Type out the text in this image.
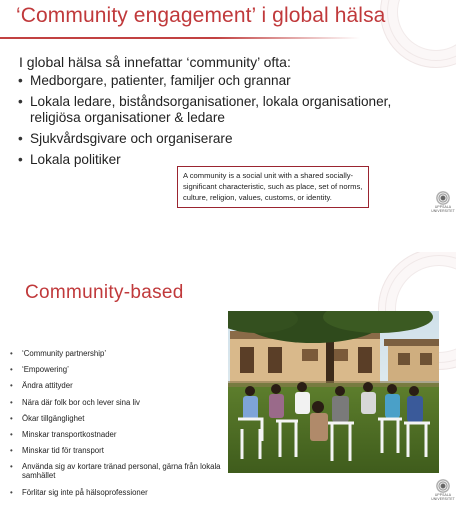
‘Community engagement’ i global hälsa
I global hälsa så innefattar ‘community’ ofta:
• Medborgare, patienter, familjer och grannar
• Lokala ledare, biståndsorganisationer, lokala organisationer, religiösa organisationer & ledare
• Sjukvårdsgivare och organiserare
• Lokala politiker
A community is a social unit with a shared socially-significant characteristic, such as place, set of norms, culture, religion, values, customs, or identity.
UPPSALA UNIVERSITET
Community-based
• ‘Community partnership’
• ‘Empowering’
• Ändra attityder
• Nära där folk bor och lever sina liv
• Ökar tillgänglighet
• Minskar transportkostnader
• Minskar tid för transport
• Använda sig av kortare tränad personal, gärna från lokala samhället
• Förlitar sig inte på hälsoprofessioner	UPPSALA UNIVERSITET
